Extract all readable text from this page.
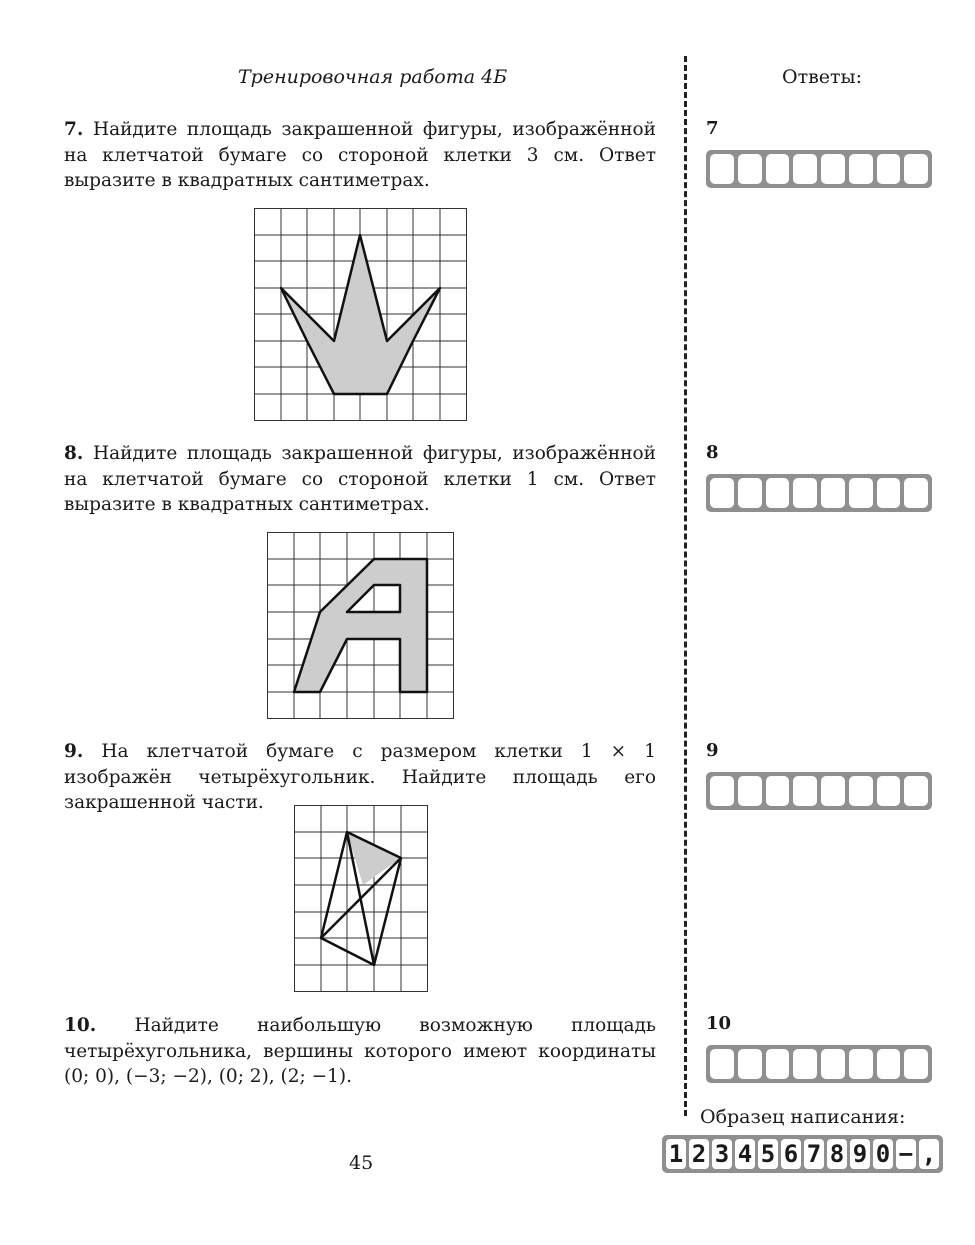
Тренировочная работа 4Б	Ответы:
7. Найдите площадь закрашенной фигуры, изображённой на клетчатой бумаге со стороной клетки 3 см. Ответ выразите в квадратных сантиметрах.
8. Найдите площадь закрашенной фигуры, изображённой на клетчатой бумаге со стороной клетки 1 см. Ответ выразите в квадратных сантиметрах.
9. На клетчатой бумаге с размером клетки 1 × 1 изображён четырёхугольник. Найдите площадь его закрашенной части.
10. Найдите наибольшую возможную площадь четырёхугольника, вершины которого имеют координаты (0; 0), (−3; −2), (0; 2), (2; −1).
7
8
9
10
Образец написания:
1 2 3 4 5 6 7 8 9 0 − ,
45
